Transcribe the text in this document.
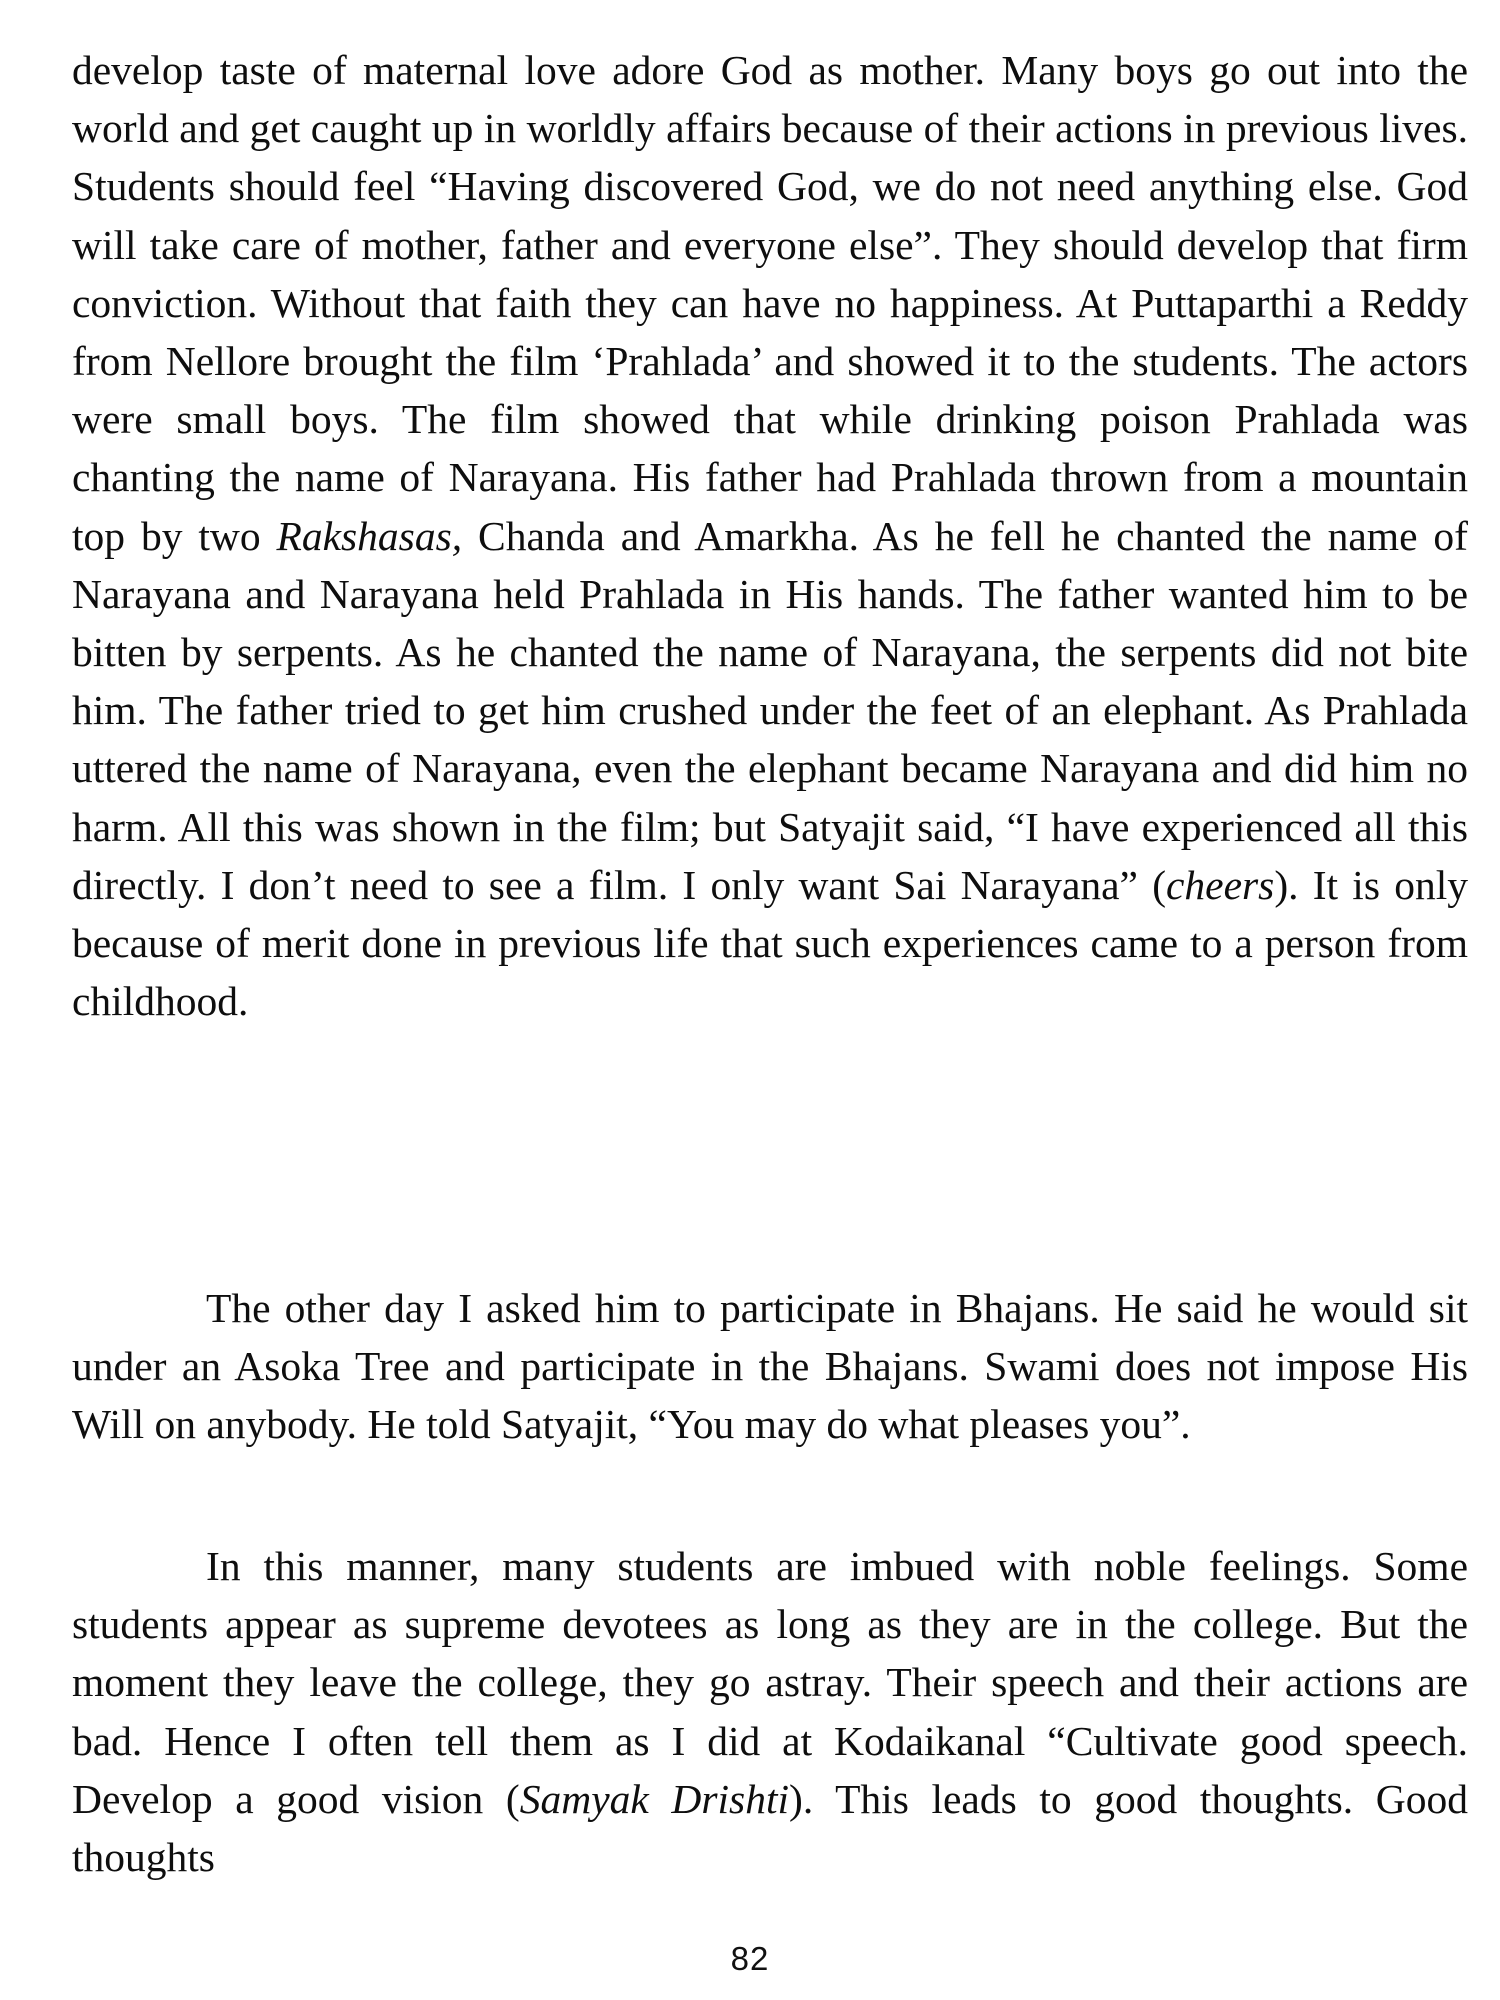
develop taste of maternal love adore God as mother. Many boys go out into the world and get caught up in worldly affairs because of their actions in previous lives. Students should feel “Having discovered God, we do not need anything else. God will take care of mother, father and everyone else”. They should develop that firm conviction. Without that faith they can have no happiness. At Puttaparthi a Reddy from Nellore brought the film ‘Prahlada’ and showed it to the students. The actors were small boys. The film showed that while drinking poison Prahlada was chanting the name of Narayana. His father had Prahlada thrown from a mountain top by two Rakshasas, Chanda and Amarkha. As he fell he chanted the name of Narayana and Narayana held Prahlada in His hands. The father wanted him to be bitten by serpents. As he chanted the name of Narayana, the serpents did not bite him. The father tried to get him crushed under the feet of an elephant. As Prahlada uttered the name of Narayana, even the elephant became Narayana and did him no harm. All this was shown in the film; but Satyajit said, “I have experienced all this directly. I don’t need to see a film. I only want Sai Narayana” (cheers). It is only because of merit done in previous life that such experiences came to a person from childhood.

The other day I asked him to participate in Bhajans. He said he would sit under an Asoka Tree and participate in the Bhajans. Swami does not impose His Will on anybody. He told Satyajit, “You may do what pleases you”.

In this manner, many students are imbued with noble feelings. Some students appear as supreme devotees as long as they are in the college. But the moment they leave the college, they go astray. Their speech and their actions are bad. Hence I often tell them as I did at Kodaikanal “Cultivate good speech. Develop a good vision (Samyak Drishti). This leads to good thoughts. Good thoughts

82
